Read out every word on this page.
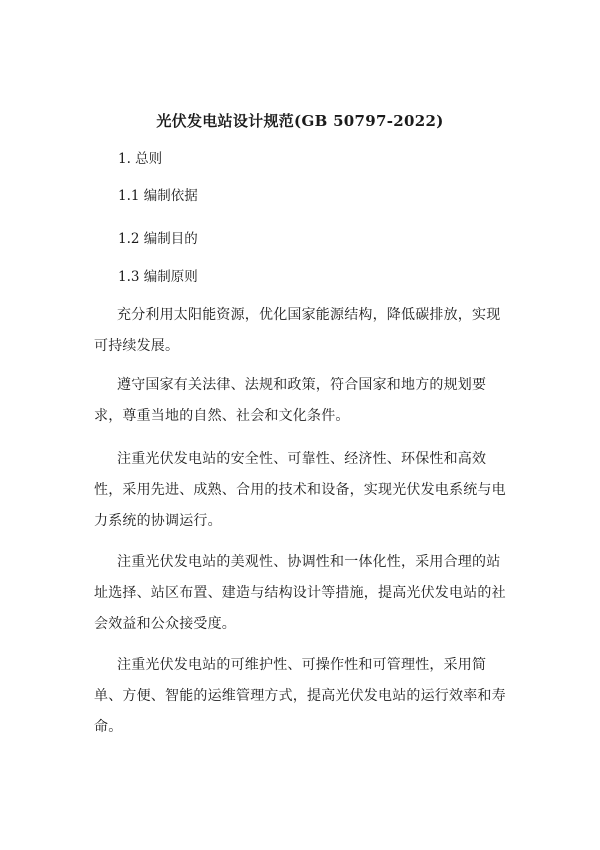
光伏发电站设计规范(GB 50797-2022)
1. 总则
1.1 编制依据
1.2 编制目的
1.3 编制原则

充分利用太阳能资源，优化国家能源结构，降低碳排放，实现可持续发展。

遵守国家有关法律、法规和政策，符合国家和地方的规划要求，尊重当地的自然、社会和文化条件。

注重光伏发电站的安全性、可靠性、经济性、环保性和高效性，采用先进、成熟、合用的技术和设备，实现光伏发电系统与电力系统的协调运行。

注重光伏发电站的美观性、协调性和一体化性，采用合理的站址选择、站区布置、建造与结构设计等措施，提高光伏发电站的社会效益和公众接受度。

注重光伏发电站的可维护性、可操作性和可管理性，采用简单、方便、智能的运维管理方式，提高光伏发电站的运行效率和寿命。
